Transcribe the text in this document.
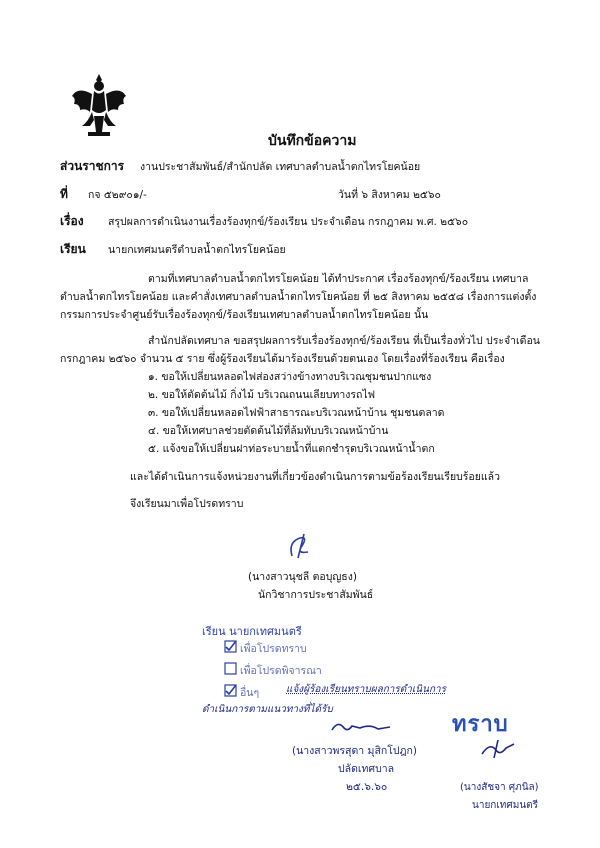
บันทึกข้อความ
ส่วนราชการ งานประชาสัมพันธ์/สำนักปลัด เทศบาลตำบลน้ำตกไทรโยคน้อย
ที่ กจ ๕๒๙๐๑/-	วันที่ ๖ สิงหาคม ๒๕๖๐
เรื่อง สรุปผลการดำเนินงานเรื่องร้องทุกข์/ร้องเรียน ประจำเดือน กรกฎาคม พ.ศ. ๒๕๖๐
เรียน นายกเทศมนตรีตำบลน้ำตกไทรโยคน้อย
ตามที่เทศบาลตำบลน้ำตกไทรโยคน้อย ได้ทำประกาศ เรื่องร้องทุกข์/ร้องเรียน เทศบาล
ตำบลน้ำตกไทรโยคน้อย และคำสั่งเทศบาลตำบลน้ำตกไทรโยคน้อย ที่ ๒๕ สิงหาคม ๒๕๕๘ เรื่องการแต่งตั้ง
กรรมการประจำศูนย์รับเรื่องร้องทุกข์/ร้องเรียนเทศบาลตำบลน้ำตกไทรโยคน้อย นั้น
สำนักปลัดเทศบาล ขอสรุปผลการรับเรื่องร้องทุกข์/ร้องเรียน ที่เป็นเรื่องทั่วไป ประจำเดือน
กรกฎาคม ๒๕๖๐ จำนวน ๕ ราย ซึ่งผู้ร้องเรียนได้มาร้องเรียนด้วยตนเอง โดยเรื่องที่ร้องเรียน คือเรื่อง
๑. ขอให้เปลี่ยนหลอดไฟส่องสว่างข้างทางบริเวณชุมชนปากแซง
๒. ขอให้ตัดต้นไม้ กิ่งไม้ บริเวณถนนเลียบทางรถไฟ
๓. ขอให้เปลี่ยนหลอดไฟฟ้าสาธารณะบริเวณหน้าบ้าน ชุมชนตลาด
๔. ขอให้เทศบาลช่วยตัดต้นไม้ที่ล้มทับบริเวณหน้าบ้าน
๕. แจ้งขอให้เปลี่ยนฝาท่อระบายน้ำที่แตกชำรุดบริเวณหน้าน้ำตก
และได้ดำเนินการแจ้งหน่วยงานที่เกี่ยวข้องดำเนินการตามข้อร้องเรียนเรียบร้อยแล้ว
จึงเรียนมาเพื่อโปรดทราบ
(นางสาวนุชลี ตอบุญธง)
นักวิชาการประชาสัมพันธ์
เรียน นายกเทศมนตรี
เพื่อโปรดทราบ
เพื่อโปรดพิจารณา
อื่นๆ	แจ้งผู้ร้องเรียนทราบผลการดำเนินการ
ดำเนินการตามแนวทางที่ได้รับ
(นางสาวพรสุดา มุสิกโปฎก)
ปลัดเทศบาล
๒๕.๖.๖๐
ทราบ
(นางสัชจา ศุภนิล)
นายกเทศมนตรี
